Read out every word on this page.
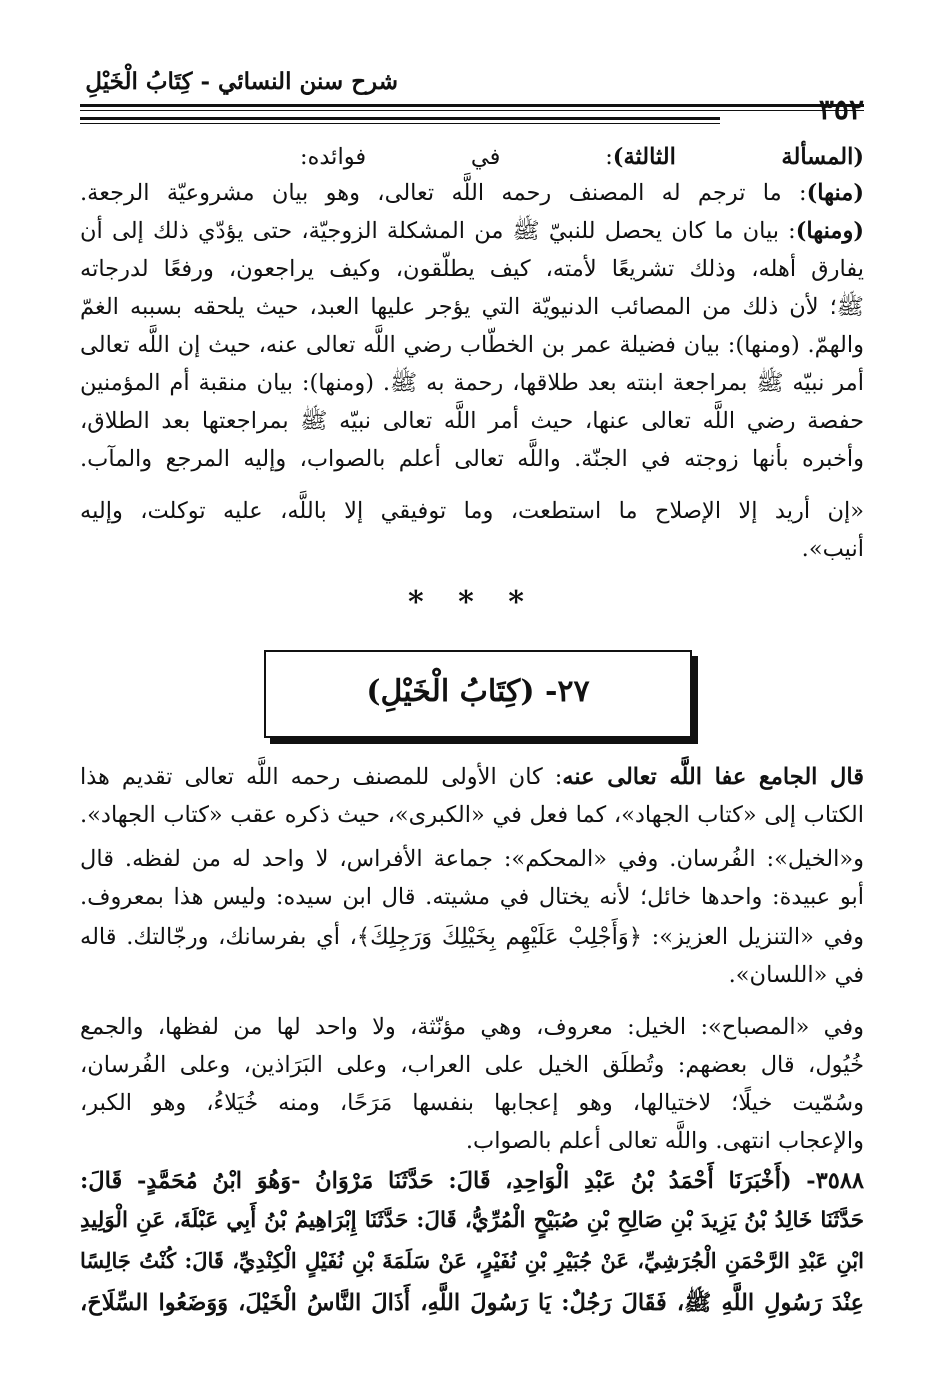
شرح سنن النسائي - كِتَابُ الْخَيْلِ
(المسألة الثالثة): في فوائده:
(منها): ما ترجم له المصنف رحمه اللَّه تعالى، وهو بيان مشروعيّة الرجعة.
(ومنها): بيان ما كان يحصل للنبيّ ﷺ من المشكلة الزوجيّة، حتى يؤدّي ذلك إلى أن
يفارق أهله، وذلك تشريعًا لأمته، كيف يطلّقون، وكيف يراجعون، ورفعًا لدرجاته
ﷺ؛ لأن ذلك من المصائب الدنيويّة التي يؤجر عليها العبد، حيث يلحقه بسببه الغمّ
والهمّ. (ومنها): بيان فضيلة عمر بن الخطّاب رضي اللَّه تعالى عنه، حيث إن اللَّه تعالى
أمر نبيّه ﷺ بمراجعة ابنته بعد طلاقها، رحمة به ﷺ. (ومنها): بيان منقبة أم المؤمنين
حفصة رضي اللَّه تعالى عنها، حيث أمر اللَّه تعالى نبيّه ﷺ بمراجعتها بعد الطلاق،
وأخبره بأنها زوجته في الجنّة. واللَّه تعالى أعلم بالصواب، وإليه المرجع والمآب.
«إن أريد إلا الإصلاح ما استطعت، وما توفيقي إلا باللَّه، عليه توكلت، وإليه
أنيب».
* * *
٢٧- (كِتَابُ الْخَيْلِ)
قال الجامع عفا اللَّه تعالى عنه: كان الأولى للمصنف رحمه اللَّه تعالى تقديم هذا
الكتاب إلى «كتاب الجهاد»، كما فعل في «الكبرى»، حيث ذكره عقب «كتاب الجهاد».
و«الخيل»: الفُرسان. وفي «المحكم»: جماعة الأفراس، لا واحد له من لفظه. قال
أبو عبيدة: واحدها خائل؛ لأنه يختال في مشيته. قال ابن سيده: وليس هذا بمعروف.
وفي «التنزيل العزيز»: ﴿وَأَجْلِبْ عَلَيْهِم بِخَيْلِكَ وَرَجِلِكَ﴾، أي بفرسانك، ورجّالتك. قاله
في «اللسان».
وفي «المصباح»: الخيل: معروف، وهي مؤنّثة، ولا واحد لها من لفظها، والجمع
خُيُول، قال بعضهم: وتُطلَق الخيل على العراب، وعلى البَرَاذين، وعلى الفُرسان،
وسُمّيت خيلًا؛ لاختيالها، وهو إعجابها بنفسها مَرَحًا، ومنه خُيَلاءُ، وهو الكبر،
والإعجاب انتهى. واللَّه تعالى أعلم بالصواب.
٣٥٨٨- (أَخْبَرَنَا أَحْمَدُ بْنُ عَبْدِ الْوَاحِدِ، قَالَ: حَدَّثَنَا مَرْوَانُ -وَهُوَ ابْنُ مُحَمَّدٍ- قَالَ:
حَدَّثَنَا خَالِدُ بْنُ يَزِيدَ بْنِ صَالِحِ بْنِ صُبَيْحٍ الْمُرِّيُّ، قَالَ: حَدَّثَنَا إِبْرَاهِيمُ بْنُ أَبِي عَبْلَةَ، عَنِ الْوَلِيدِ
ابْنِ عَبْدِ الرَّحْمَنِ الْجُرَشِيِّ، عَنْ جُبَيْرِ بْنِ نُفَيْرٍ، عَنْ سَلَمَةَ بْنِ نُفَيْلٍ الْكِنْدِيِّ، قَالَ: كُنْتُ جَالِسًا
عِنْدَ رَسُولِ اللَّهِ ﷺ، فَقَالَ رَجُلٌ: يَا رَسُولَ اللَّهِ، أَذَالَ النَّاسُ الْخَيْلَ، وَوَضَعُوا السِّلَاحَ،
